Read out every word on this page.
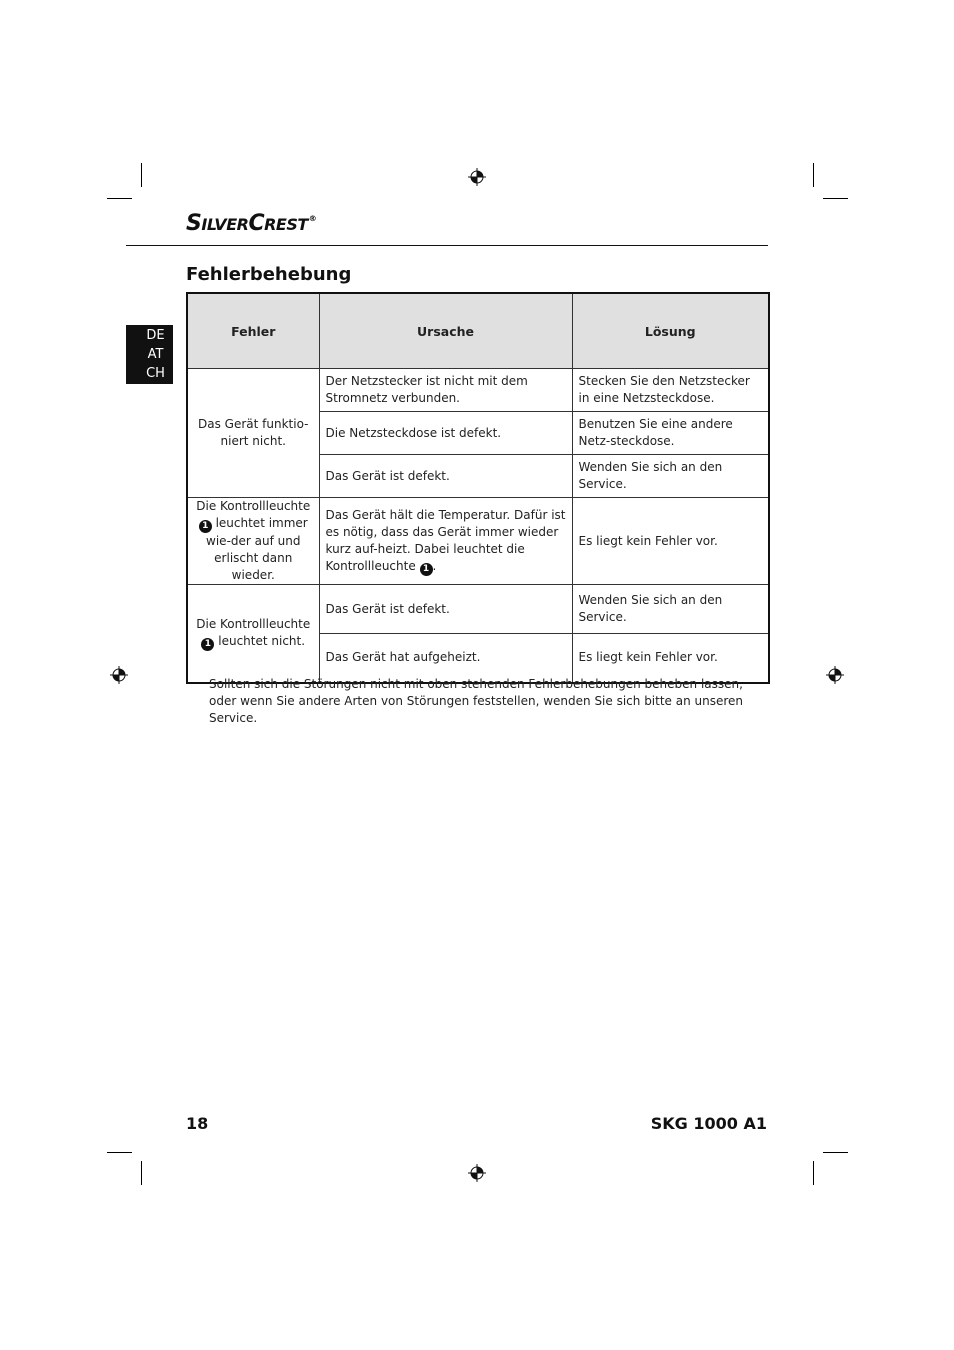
SILVERCREST®
Fehlerbehebung
DE
AT
CH
Fehler	Ursache	Lösung
Das Gerät funktio-niert nicht.	Der Netzstecker ist nicht mit dem Stromnetz verbunden.	Stecken Sie den Netzstecker in eine Netzsteckdose.
	Die Netzsteckdose ist defekt.	Benutzen Sie eine andere Netz-steckdose.
	Das Gerät ist defekt.	Wenden Sie sich an den Service.
Die Kontrollleuchte 1 leuchtet immer wie-der auf und erlischt dann wieder.	Das Gerät hält die Temperatur. Dafür ist es nötig, dass das Gerät immer wieder kurz auf-heizt. Dabei leuchtet die Kontrollleuchte 1 .	Es liegt kein Fehler vor.
Die Kontrollleuchte 1 leuchtet nicht.	Das Gerät ist defekt.	Wenden Sie sich an den Service.
	Das Gerät hat aufgeheizt.	Es liegt kein Fehler vor.
Sollten sich die Störungen nicht mit oben stehenden Fehlerbehebungen beheben lassen, oder wenn Sie andere Arten von Störungen feststellen, wenden Sie sich bitte an unseren Service.
18	SKG 1000 A1
